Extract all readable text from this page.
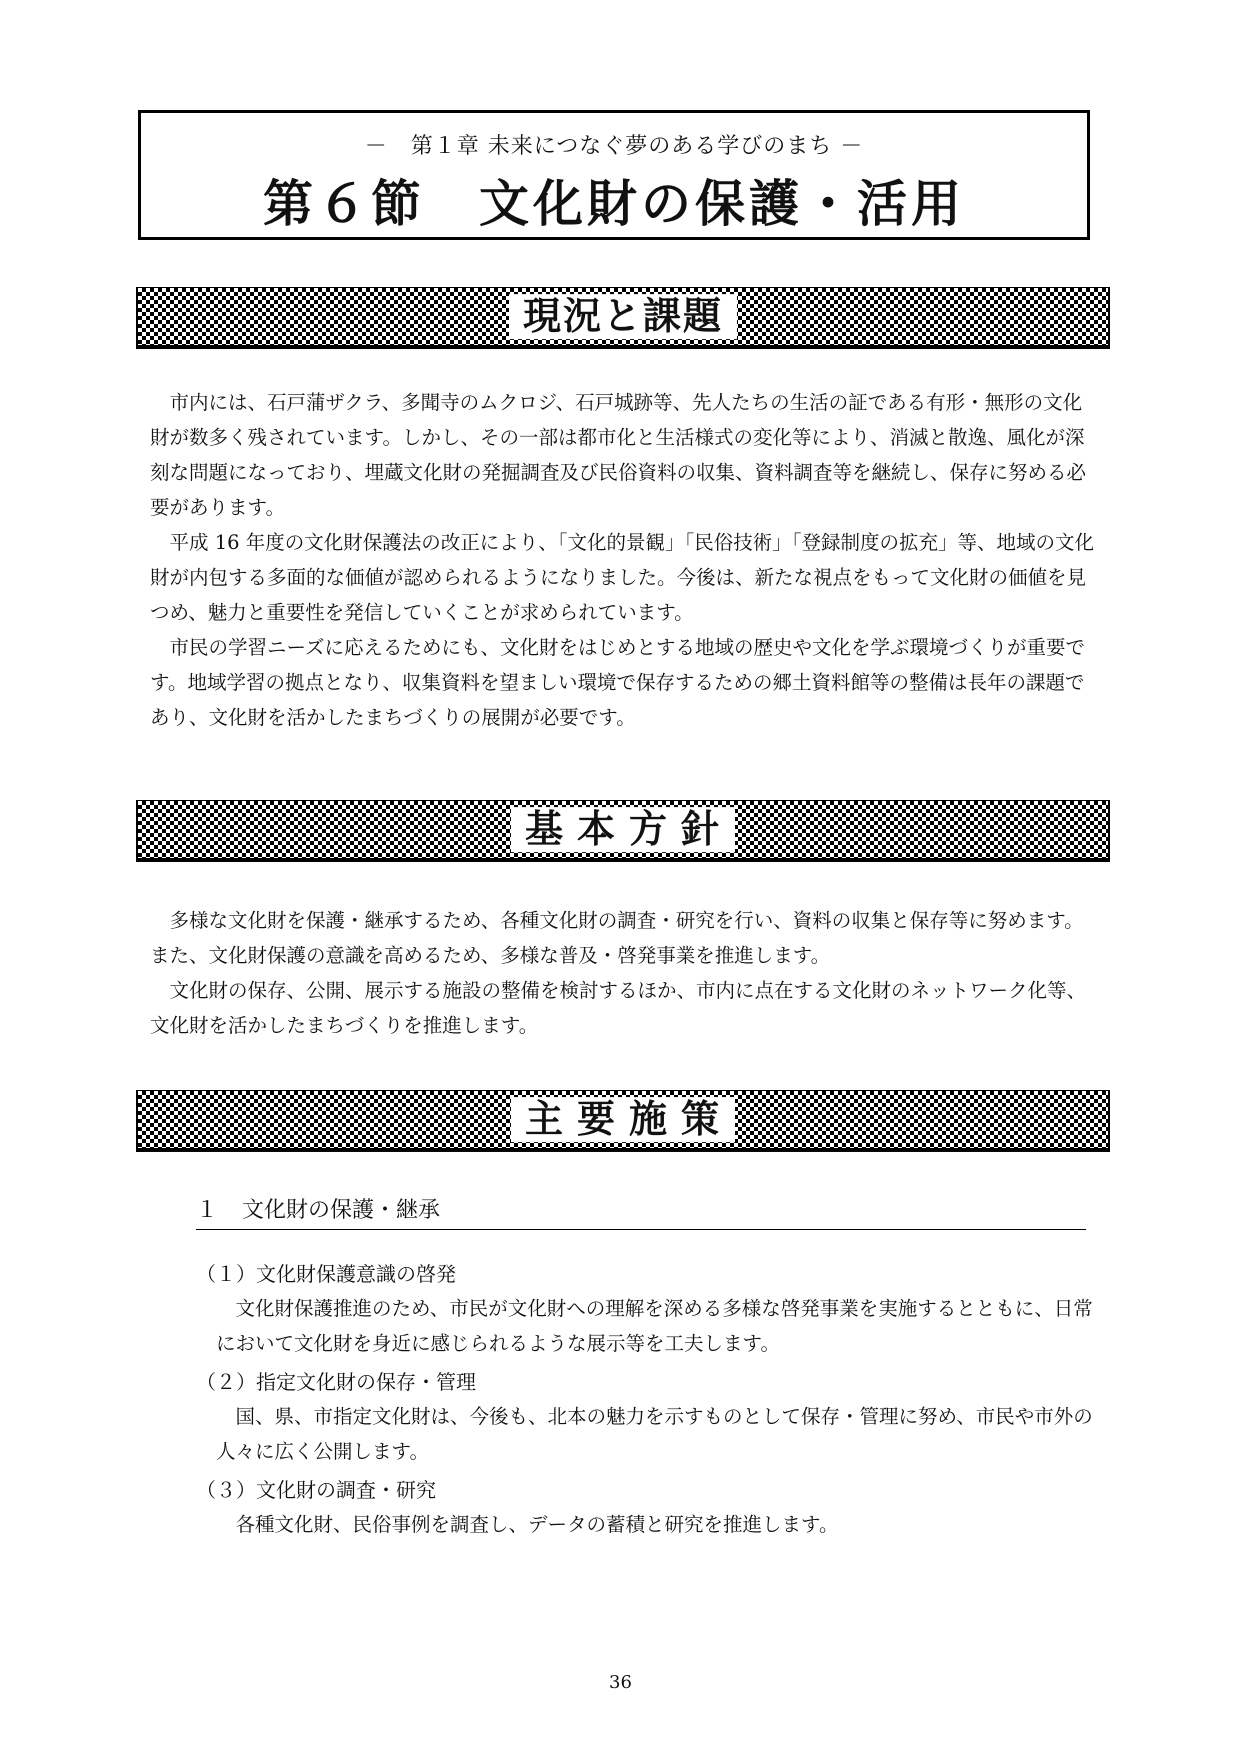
－　第１章 未来につなぐ夢のある学びのまち －
第６節　文化財の保護・活用
現況と課題

市内には、石戸蒲ザクラ、多聞寺のムクロジ、石戸城跡等、先人たちの生活の証である有形・無形の文化財が数多く残されています。しかし、その一部は都市化と生活様式の変化等により、消滅と散逸、風化が深刻な問題になっており、埋蔵文化財の発掘調査及び民俗資料の収集、資料調査等を継続し、保存に努める必要があります。

平成 16 年度の文化財保護法の改正により、「文化的景観」「民俗技術」「登録制度の拡充」等、地域の文化財が内包する多面的な価値が認められるようになりました。今後は、新たな視点をもって文化財の価値を見つめ、魅力と重要性を発信していくことが求められています。

市民の学習ニーズに応えるためにも、文化財をはじめとする地域の歴史や文化を学ぶ環境づくりが重要です。地域学習の拠点となり、収集資料を望ましい環境で保存するための郷土資料館等の整備は長年の課題であり、文化財を活かしたまちづくりの展開が必要です。

基本方針

多様な文化財を保護・継承するため、各種文化財の調査・研究を行い、資料の収集と保存等に努めます。また、文化財保護の意識を高めるため、多様な普及・啓発事業を推進します。

文化財の保存、公開、展示する施設の整備を検討するほか、市内に点在する文化財のネットワーク化等、文化財を活かしたまちづくりを推進します。

主要施策
１ 文化財の保護・継承
（１）文化財保護意識の啓発

文化財保護推進のため、市民が文化財への理解を深める多様な啓発事業を実施するとともに、日常において文化財を身近に感じられるような展示等を工夫します。

（２）指定文化財の保存・管理

国、県、市指定文化財は、今後も、北本の魅力を示すものとして保存・管理に努め、市民や市外の人々に広く公開します。

（３）文化財の調査・研究

各種文化財、民俗事例を調査し、データの蓄積と研究を推進します。

36
